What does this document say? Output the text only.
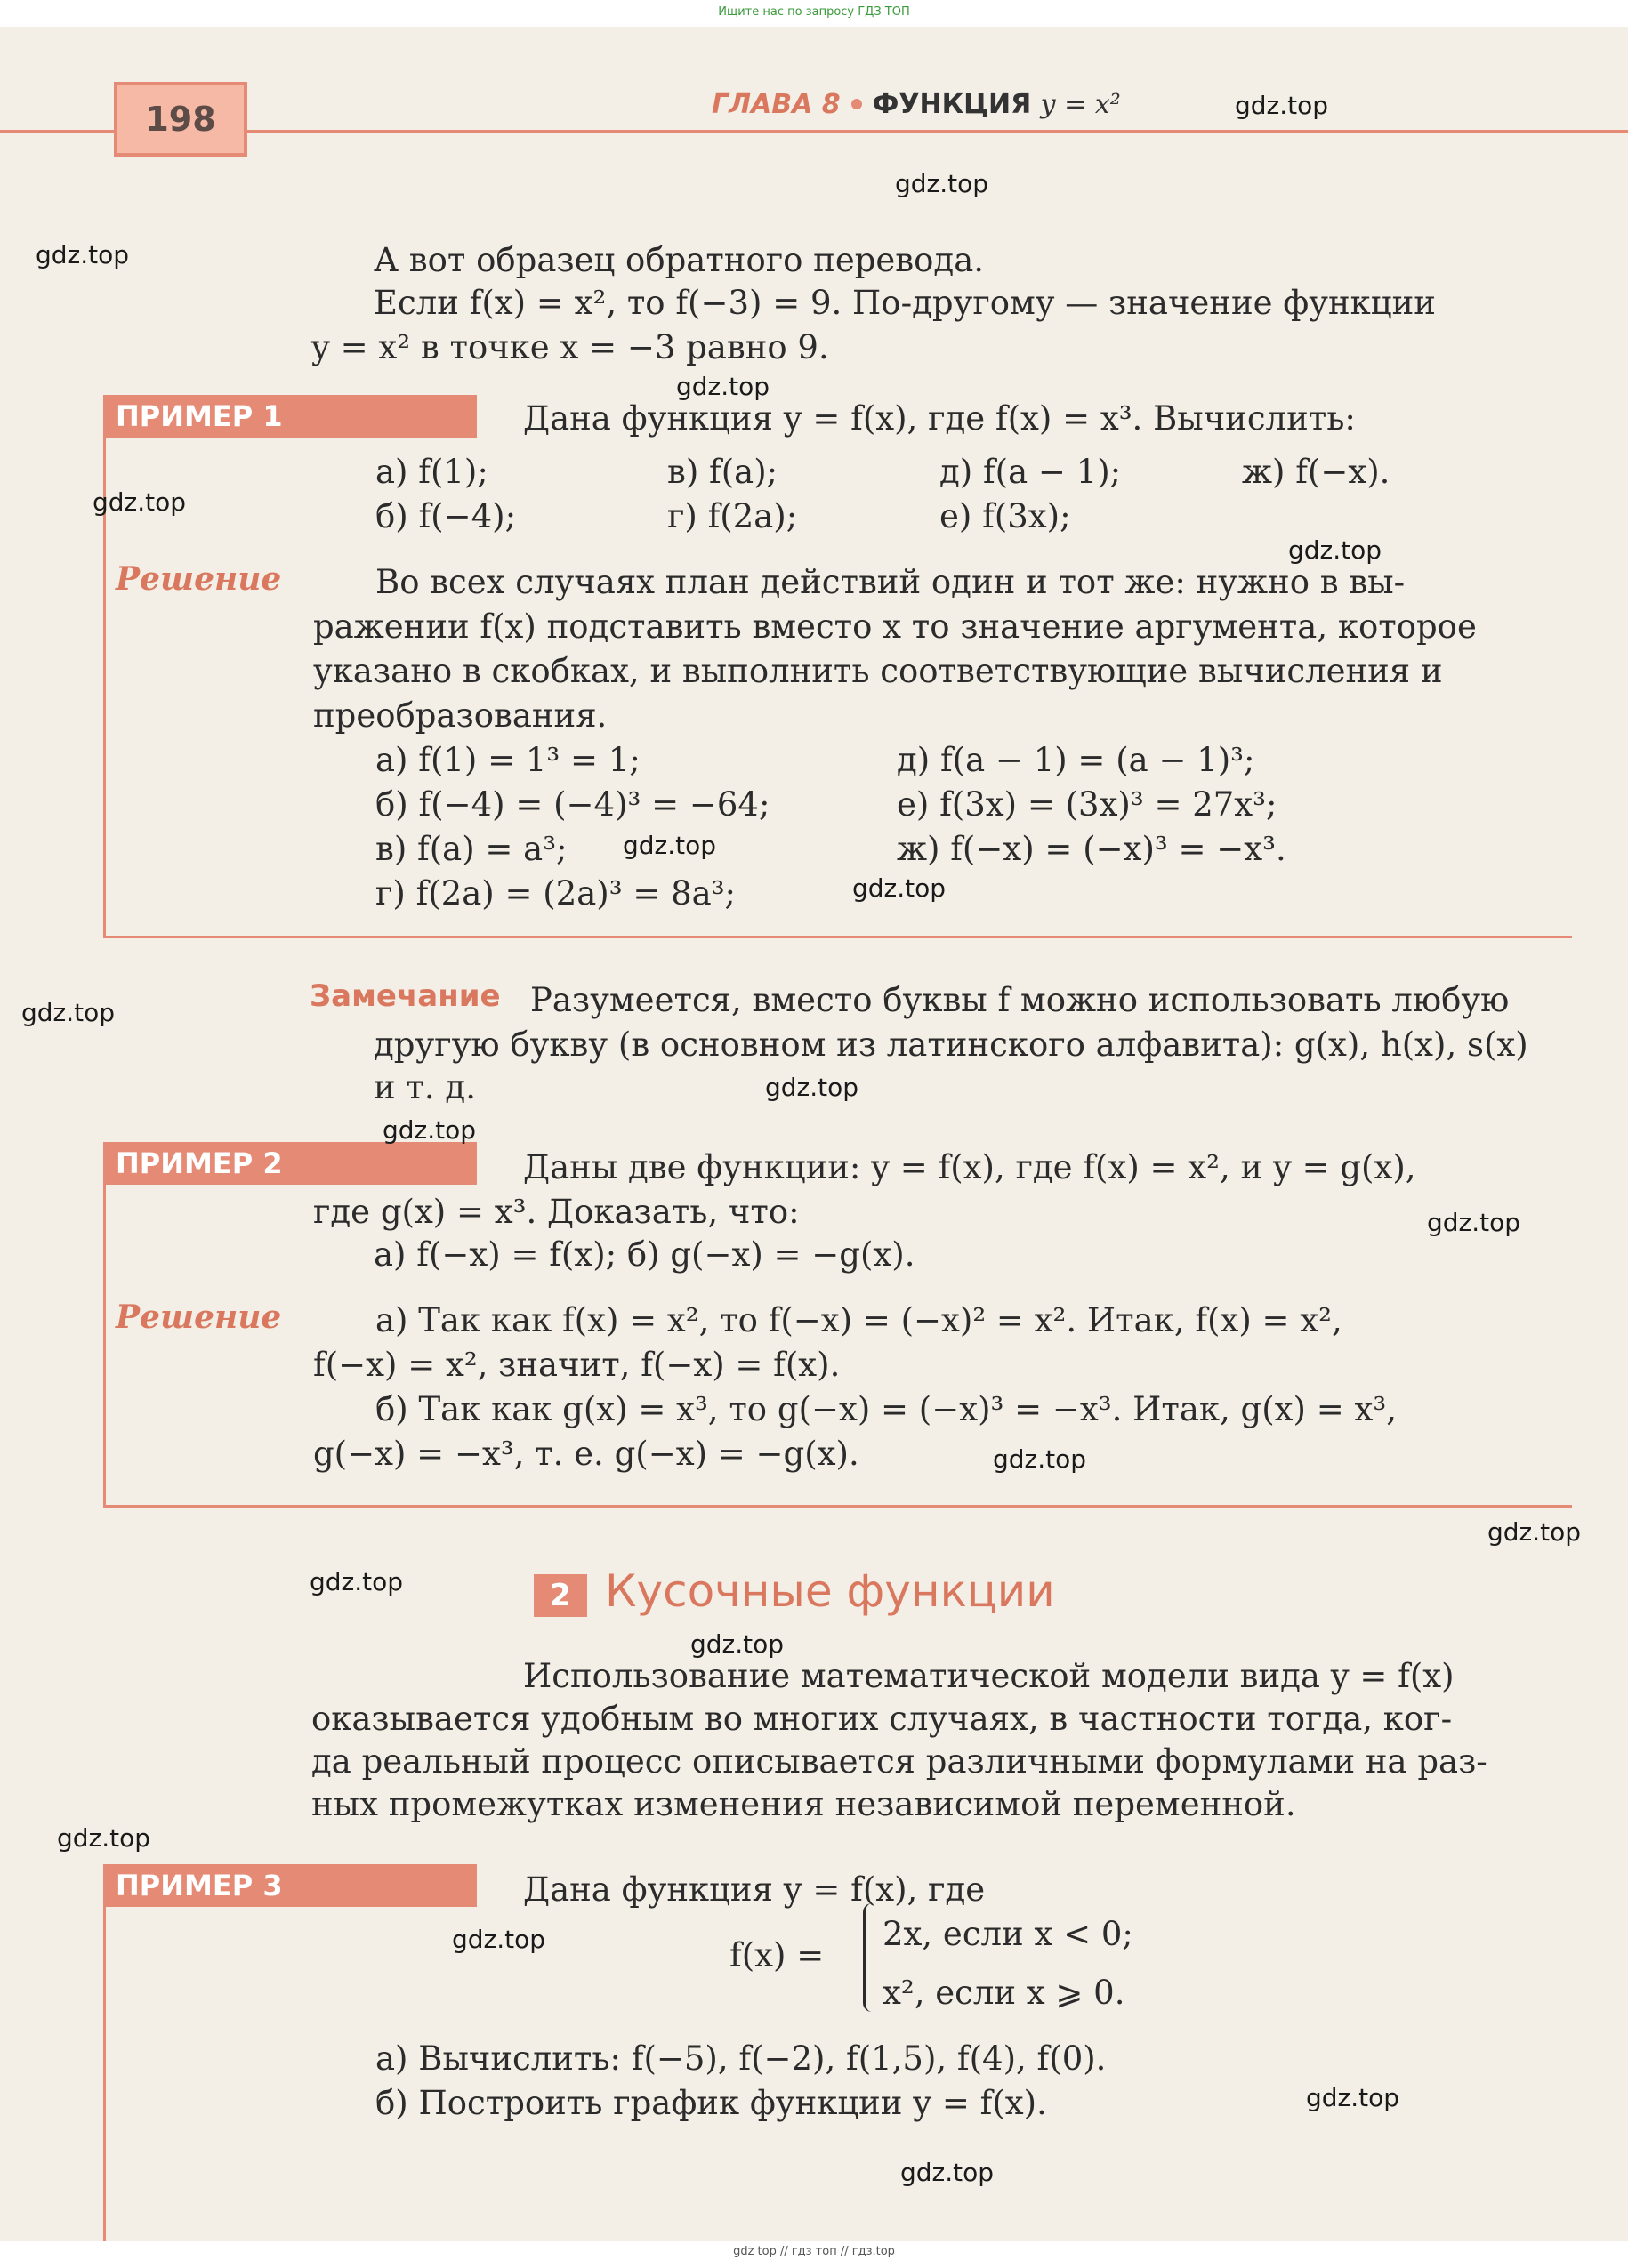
Ищите нас по запросу ГДЗ ТОП
198	ГЛАВА 8 ФУНКЦИЯ y = x²
А вот образец обратного перевода.
Если f(x) = x², то f(−3) = 9. По-другому — значение функции
y = x² в точке x = −3 равно 9.
ПРИМЕР 1	Дана функция y = f(x), где f(x) = x³. Вычислить:
а) f(1);	в) f(a);	д) f(a − 1);	ж) f(−x).
б) f(−4);	г) f(2a);	е) f(3x);
Решение	Во всех случаях план действий один и тот же: нужно в вы-
ражении f(x) подставить вместо x то значение аргумента, которое
указано в скобках, и выполнить соответствующие вычисления и
преобразования.
а) f(1) = 1³ = 1;	д) f(a − 1) = (a − 1)³;
б) f(−4) = (−4)³ = −64;	е) f(3x) = (3x)³ = 27x³;
в) f(a) = a³;	ж) f(−x) = (−x)³ = −x³.
г) f(2a) = (2a)³ = 8a³;
Замечание Разумеется, вместо буквы f можно использовать любую
другую букву (в основном из латинского алфавита): g(x), h(x), s(x)
и т. д.
ПРИМЕР 2	Даны две функции: y = f(x), где f(x) = x², и y = g(x),
где g(x) = x³. Доказать, что:
а) f(−x) = f(x); б) g(−x) = −g(x).
Решение	а) Так как f(x) = x², то f(−x) = (−x)² = x². Итак, f(x) = x²,
f(−x) = x², значит, f(−x) = f(x).
б) Так как g(x) = x³, то g(−x) = (−x)³ = −x³. Итак, g(x) = x³,
g(−x) = −x³, т. е. g(−x) = −g(x).
2 Кусочные функции
Использование математической модели вида y = f(x)
оказывается удобным во многих случаях, в частности тогда, ког-
да реальный процесс описывается различными формулами на раз-
ных промежутках изменения независимой переменной.
ПРИМЕР 3	Дана функция y = f(x), где
f(x) =
2x, если x < 0;
x², если x ⩾ 0.
а) Вычислить: f(−5), f(−2), f(1,5), f(4), f(0).
б) Построить график функции y = f(x).
gdz.top
gdz.top
gdz.top
gdz.top
gdz.top
gdz.top
gdz.top
gdz.top
gdz.top
gdz.top
gdz.top
gdz.top
gdz.top
gdz.top
gdz.top
gdz.top
gdz.top
gdz.top
gdz.top
gdz.top
gdz top // гдз топ // гдз.top
